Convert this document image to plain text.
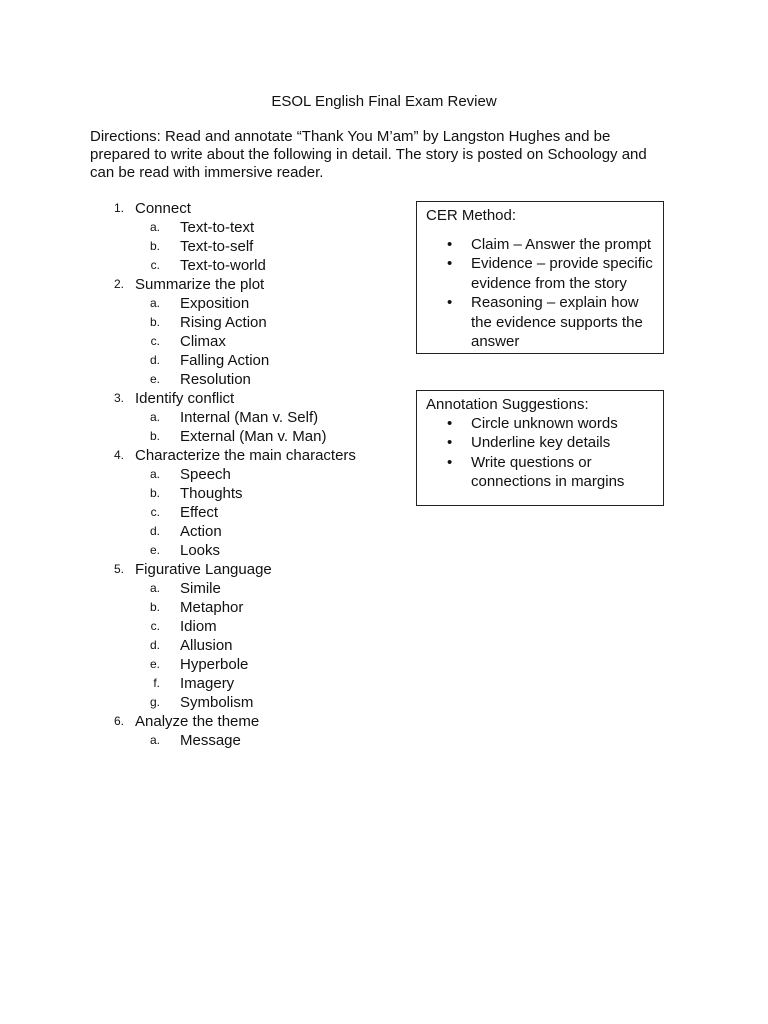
ESOL English Final Exam Review
Directions: Read and annotate “Thank You M’am” by Langston Hughes and be prepared to write about the following in detail. The story is posted on Schoology and can be read with immersive reader.
1. Connect
a. Text-to-text
b. Text-to-self
c. Text-to-world
2. Summarize the plot
a. Exposition
b. Rising Action
c. Climax
d. Falling Action
e. Resolution
3. Identify conflict
a. Internal (Man v. Self)
b. External (Man v. Man)
4. Characterize the main characters
a. Speech
b. Thoughts
c. Effect
d. Action
e. Looks
5. Figurative Language
a. Simile
b. Metaphor
c. Idiom
d. Allusion
e. Hyperbole
f. Imagery
g. Symbolism
6. Analyze the theme
a. Message
CER Method:
• Claim – Answer the prompt
• Evidence – provide specific evidence from the story
• Reasoning – explain how the evidence supports the answer
Annotation Suggestions:
• Circle unknown words
• Underline key details
• Write questions or connections in margins
